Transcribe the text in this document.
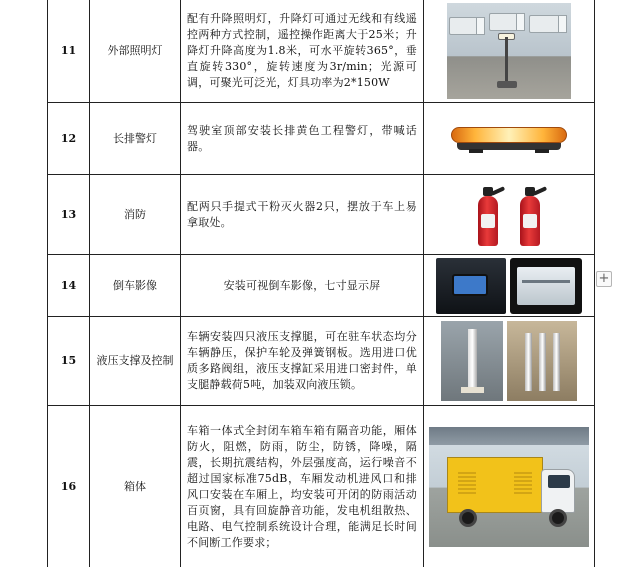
11	外部照明灯	配有升降照明灯，升降灯可通过无线和有线遥控两种方式控制，遥控操作距离大于25米；升降灯升降高度为1.8米，可水平旋转365°，垂直旋转330°，旋转速度为3r/min；光源可调，可聚光可泛光，灯具功率为2*150W	

12	长排警灯	驾驶室顶部安装长排黄色工程警灯，带喊话器。	

13	消防	配两只手提式干粉灭火器2只，摆放于车上易拿取处。	

14	倒车影像	安装可视倒车影像，七寸显示屏	

15	液压支撑及控制	车辆安装四只液压支撑腿，可在驻车状态均分车辆静压，保护车轮及弹簧钢板。选用进口优质多路阀组，液压支撑缸采用进口密封件，单支腿静载荷5吨，加装双向液压锁。	

16	箱体	车箱一体式全封闭车箱车箱有隔音功能，厢体防火，阻燃，防雨，防尘，防锈，降噪，隔震，长期抗震结构，外层强度高，运行噪音不超过国家标准75dB，车厢发动机进风口和排风口安装在车厢上，均安装可开闭的防雨活动百页窗，具有回旋静音功能，发电机组散热、电路、电气控制系统设计合理，能满足长时间不间断工作要求；	
+
